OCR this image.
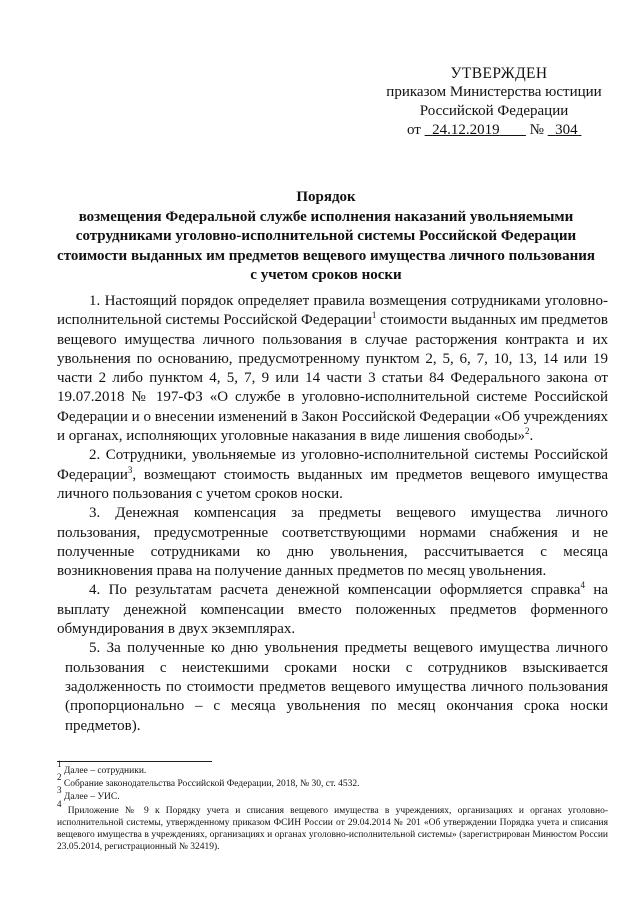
УТВЕРЖДЕН
приказом Министерства юстиции
Российской Федерации
от 24.12.2019 № 304
Порядок
возмещения Федеральной службе исполнения наказаний увольняемыми
сотрудниками уголовно-исполнительной системы Российской Федерации
стоимости выданных им предметов вещевого имущества личного пользования
с учетом сроков носки

1. Настоящий порядок определяет правила возмещения сотрудниками уголовно-исполнительной системы Российской Федерации$^1$ стоимости выданных им предметов вещевого имущества личного пользования в случае расторжения контракта и их увольнения по основанию, предусмотренному пунктом 2, 5, 6, 7, 10, 13, 14 или 19 части 2 либо пунктом 4, 5, 7, 9 или 14 части 3 статьи 84 Федерального закона от 19.07.2018 № 197-ФЗ «О службе в уголовно-исполнительной системе Российской Федерации и о внесении изменений в Закон Российской Федерации «Об учреждениях и органах, исполняющих уголовные наказания в виде лишения свободы»$^2$.

2. Сотрудники, увольняемые из уголовно-исполнительной системы Российской Федерации$^3$, возмещают стоимость выданных им предметов вещевого имущества личного пользования с учетом сроков носки.

3. Денежная компенсация за предметы вещевого имущества личного пользования, предусмотренные соответствующими нормами снабжения и не полученные сотрудниками ко дню увольнения, рассчитывается с месяца возникновения права на получение данных предметов по месяц увольнения.

4. По результатам расчета денежной компенсации оформляется справка$^4$ на выплату денежной компенсации вместо положенных предметов форменного обмундирования в двух экземплярах.

5. За полученные ко дню увольнения предметы вещевого имущества личного пользования с неистекшими сроками носки с сотрудников взыскивается задолженность по стоимости предметов вещевого имущества личного пользования (пропорционально – с месяца увольнения по месяц окончания срока носки предметов).

$^1$ Далее – сотрудники.

$^2$ Собрание законодательства Российской Федерации, 2018, № 30, ст. 4532.

$^3$ Далее – УИС.

$^4$ Приложение № 9 к Порядку учета и списания вещевого имущества в учреждениях, организациях и органах уголовно-исполнительной системы, утвержденному приказом ФСИН России от 29.04.2014 № 201 «Об утверждении Порядка учета и списания вещевого имущества в учреждениях, организациях и органах уголовно-исполнительной системы» (зарегистрирован Минюстом России 23.05.2014, регистрационный № 32419).
